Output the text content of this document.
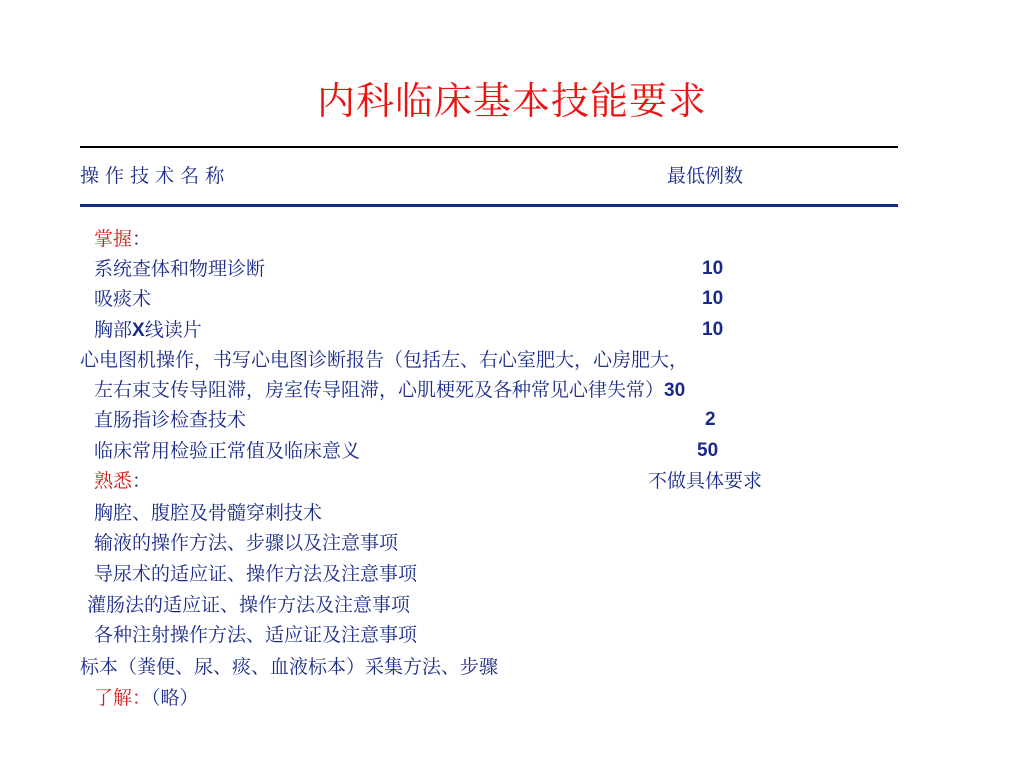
内科临床基本技能要求
操 作 技 术 名 称	最低例数
掌握：
系统查体和物理诊断	10
吸痰术	10
胸部X线读片	10
心电图机操作，书写心电图诊断报告（包括左、右心室肥大，心房肥大，
左右束支传导阻滞，房室传导阻滞，心肌梗死及各种常见心律失常）30
直肠指诊检查技术	2
临床常用检验正常值及临床意义	50
熟悉：	不做具体要求
胸腔、腹腔及骨髓穿刺技术
输液的操作方法、步骤以及注意事项
导尿术的适应证、操作方法及注意事项
灌肠法的适应证、操作方法及注意事项
各种注射操作方法、适应证及注意事项
标本（粪便、尿、痰、血液标本）采集方法、步骤
了解：（略）
